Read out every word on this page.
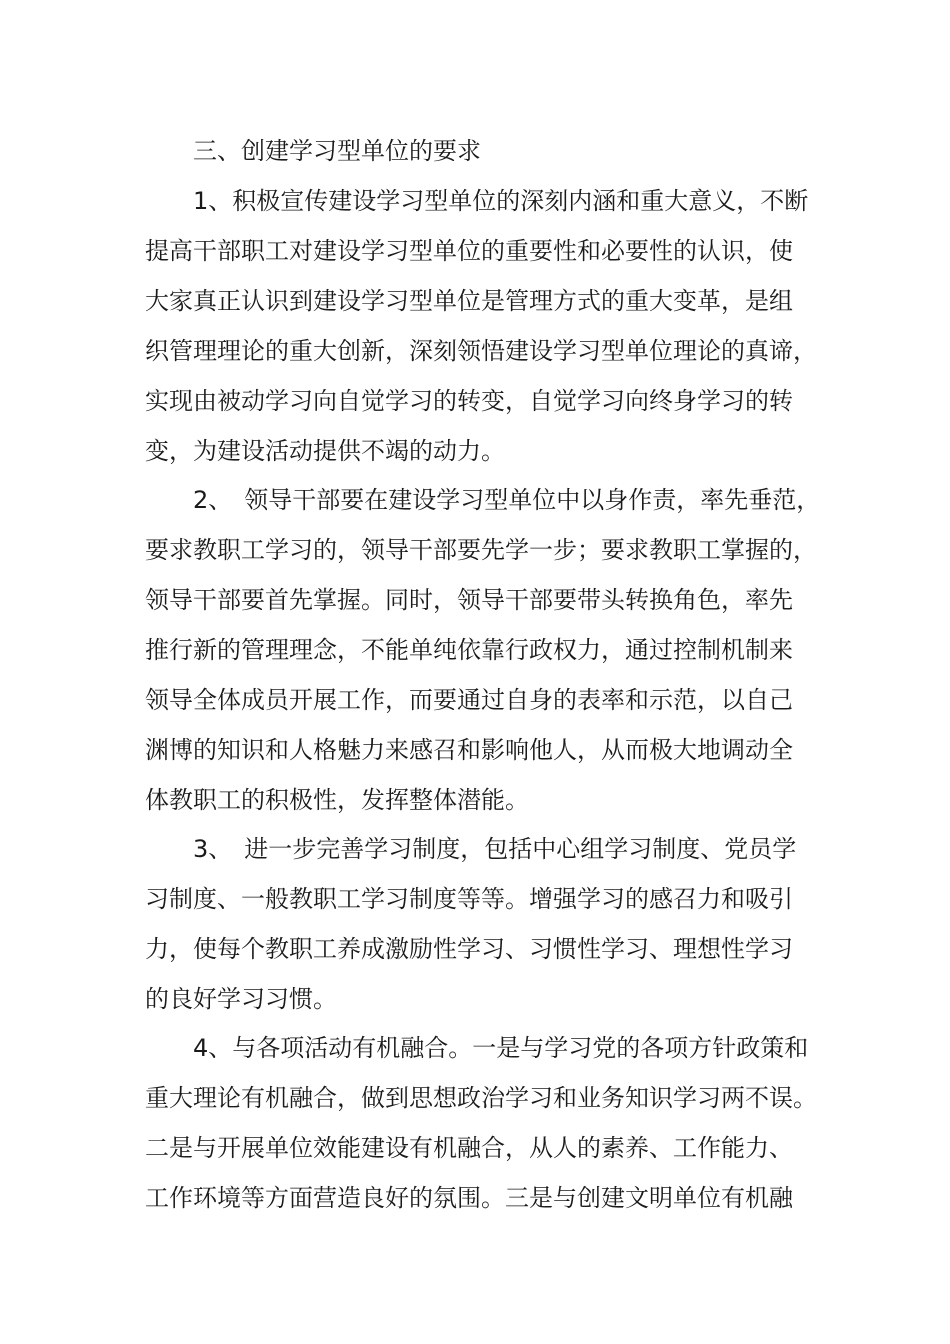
三、创建学习型单位的要求
1、积极宣传建设学习型单位的深刻内涵和重大意义，不断
提高干部职工对建设学习型单位的重要性和必要性的认识，使
大家真正认识到建设学习型单位是管理方式的重大变革，是组
织管理理论的重大创新，深刻领悟建设学习型单位理论的真谛，
实现由被动学习向自觉学习的转变，自觉学习向终身学习的转
变，为建设活动提供不竭的动力。
2、　领导干部要在建设学习型单位中以身作责，率先垂范，
要求教职工学习的，领导干部要先学一步；要求教职工掌握的，
领导干部要首先掌握。同时，领导干部要带头转换角色，率先
推行新的管理理念，不能单纯依靠行政权力，通过控制机制来
领导全体成员开展工作，而要通过自身的表率和示范，以自己
渊博的知识和人格魅力来感召和影响他人，从而极大地调动全
体教职工的积极性，发挥整体潜能。
3、　进一步完善学习制度，包括中心组学习制度、党员学
习制度、一般教职工学习制度等等。增强学习的感召力和吸引
力，使每个教职工养成激励性学习、习惯性学习、理想性学习
的良好学习习惯。
4、与各项活动有机融合。一是与学习党的各项方针政策和
重大理论有机融合，做到思想政治学习和业务知识学习两不误。
二是与开展单位效能建设有机融合，从人的素养、工作能力、
工作环境等方面营造良好的氛围。三是与创建文明单位有机融
